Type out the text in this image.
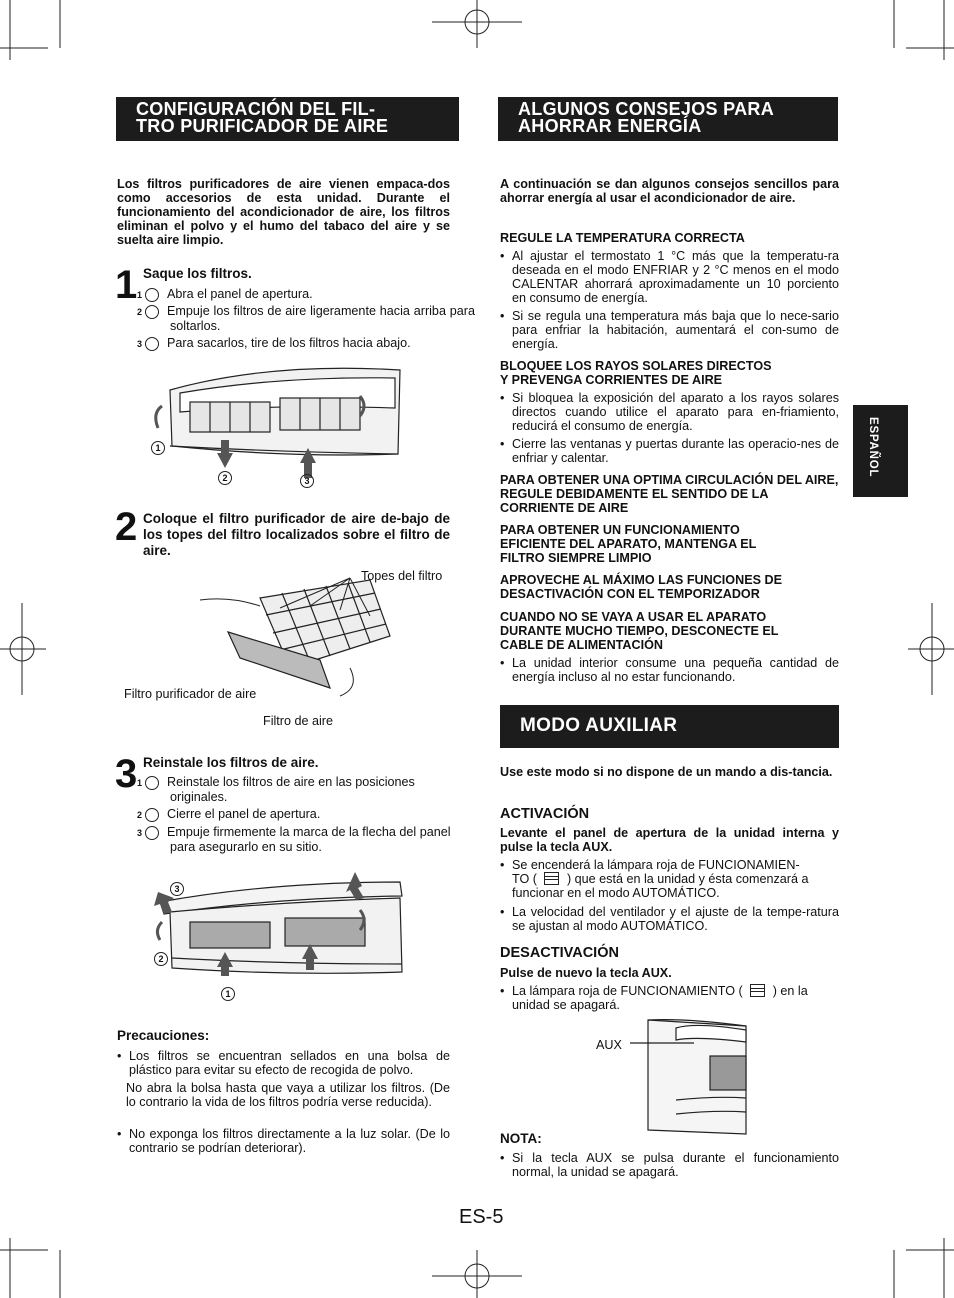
CONFIGURACIÓN DEL FIL-
TRO PURIFICADOR DE AIRE
Los filtros purificadores de aire vienen empaca-dos como accesorios de esta unidad. Durante el funcionamiento del acondicionador de aire, los filtros eliminan el polvo y el humo del tabaco del aire y se suelta aire limpio.
1 Saque los filtros.
1 Abra el panel de apertura.
2 Empuje los filtros de aire ligeramente hacia arriba para soltarlos.
3 Para sacarlos, tire de los filtros hacia abajo.
1
2	3
2 Coloque el filtro purificador de aire de-bajo de los topes del filtro localizados sobre el filtro de aire.
Topes del filtro
Filtro purificador de aire
Filtro de aire
3 Reinstale los filtros de aire.
1 Reinstale los filtros de aire en las posiciones originales.
2 Cierre el panel de apertura.
3 Empuje firmemente la marca de la flecha del panel para asegurarlo en su sitio.
3
2
1
Precauciones:
• Los filtros se encuentran sellados en una bolsa de plástico para evitar su efecto de recogida de polvo.
No abra la bolsa hasta que vaya a utilizar los filtros. (De lo contrario la vida de los filtros podría verse reducida).
• No exponga los filtros directamente a la luz solar. (De lo contrario se podrían deteriorar).
ALGUNOS CONSEJOS PARA
AHORRAR ENERGÍA
A continuación se dan algunos consejos sencillos para ahorrar energía al usar el acondicionador de aire.
REGULE LA TEMPERATURA CORRECTA
• Al ajustar el termostato 1 °C más que la temperatu-ra deseada en el modo ENFRIAR y 2 °C menos en el modo CALENTAR ahorrará aproximadamente un 10 porciento en consumo de energía.
• Si se regula una temperatura más baja que lo nece-sario para enfriar la habitación, aumentará el con-sumo de energía.
BLOQUEE LOS RAYOS SOLARES DIRECTOS
Y PREVENGA CORRIENTES DE AIRE
• Si bloquea la exposición del aparato a los rayos solares directos cuando utilice el aparato para en-friamiento, reducirá el consumo de energía.
• Cierre las ventanas y puertas durante las operacio-nes de enfriar y calentar.
PARA OBTENER UNA OPTIMA CIRCULACIÓN DEL AIRE, REGULE DEBIDAMENTE EL SENTIDO DE LA CORRIENTE DE AIRE
PARA OBTENER UN FUNCIONAMIENTO EFICIENTE DEL APARATO, MANTENGA EL FILTRO SIEMPRE LIMPIO
APROVECHE AL MÁXIMO LAS FUNCIONES DE DESACTIVACIÓN CON EL TEMPORIZADOR
CUANDO NO SE VAYA A USAR EL APARATO DURANTE MUCHO TIEMPO, DESCONECTE EL CABLE DE ALIMENTACIÓN
• La unidad interior consume una pequeña cantidad de energía incluso al no estar funcionando.
MODO AUXILIAR
Use este modo si no dispone de un mando a dis-tancia.
ACTIVACIÓN
Levante el panel de apertura de la unidad interna y pulse la tecla AUX.
• Se encenderá la lámpara roja de FUNCIONAMIEN-
TO ( ) que está en la unidad y ésta comenzará a
funcionar en el modo AUTOMÁTICO.
• La velocidad del ventilador y el ajuste de la tempe-ratura se ajustan al modo AUTOMÁTICO.
DESACTIVACIÓN
Pulse de nuevo la tecla AUX.
• La lámpara roja de FUNCIONAMIENTO ( ) en la
unidad se apagará.
AUX
NOTA:
• Si la tecla AUX se pulsa durante el funcionamiento normal, la unidad se apagará.
ESPAÑOL
ES-5
